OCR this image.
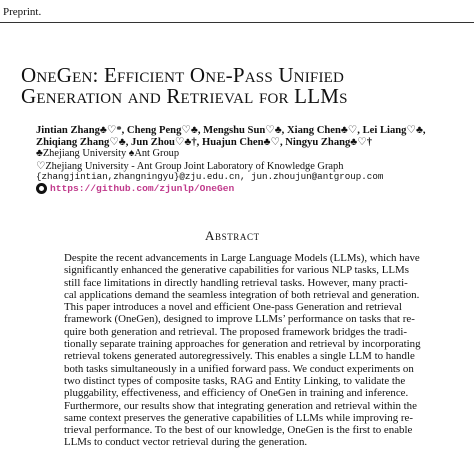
Preprint.
OneGen: Efficient One-Pass Unified
Generation and Retrieval for LLMs
Jintian Zhang♣♡*, Cheng Peng♡♣, Mengshu Sun♡♣, Xiang Chen♣♡, Lei Liang♡♣,
Zhiqiang Zhang♡♣, Jun Zhou♡♣†, Huajun Chen♣♡, Ningyu Zhang♣♡†
♣Zhejiang University ♠Ant Group
♡Zhejiang University - Ant Group Joint Laboratory of Knowledge Graph
{zhangjintian,zhangningyu}@zju.edu.cn, jun.zhoujun@antgroup.com
https://github.com/zjunlp/OneGen
Abstract
Despite the recent advancements in Large Language Models (LLMs), which have
significantly enhanced the generative capabilities for various NLP tasks, LLMs
still face limitations in directly handling retrieval tasks. However, many practi-
cal applications demand the seamless integration of both retrieval and generation.
This paper introduces a novel and efficient One-pass Generation and retrieval
framework (OneGen), designed to improve LLMs’ performance on tasks that re-
quire both generation and retrieval. The proposed framework bridges the tradi-
tionally separate training approaches for generation and retrieval by incorporating
retrieval tokens generated autoregressively. This enables a single LLM to handle
both tasks simultaneously in a unified forward pass. We conduct experiments on
two distinct types of composite tasks, RAG and Entity Linking, to validate the
pluggability, effectiveness, and efficiency of OneGen in training and inference.
Furthermore, our results show that integrating generation and retrieval within the
same context preserves the generative capabilities of LLMs while improving re-
trieval performance. To the best of our knowledge, OneGen is the first to enable
LLMs to conduct vector retrieval during the generation.
